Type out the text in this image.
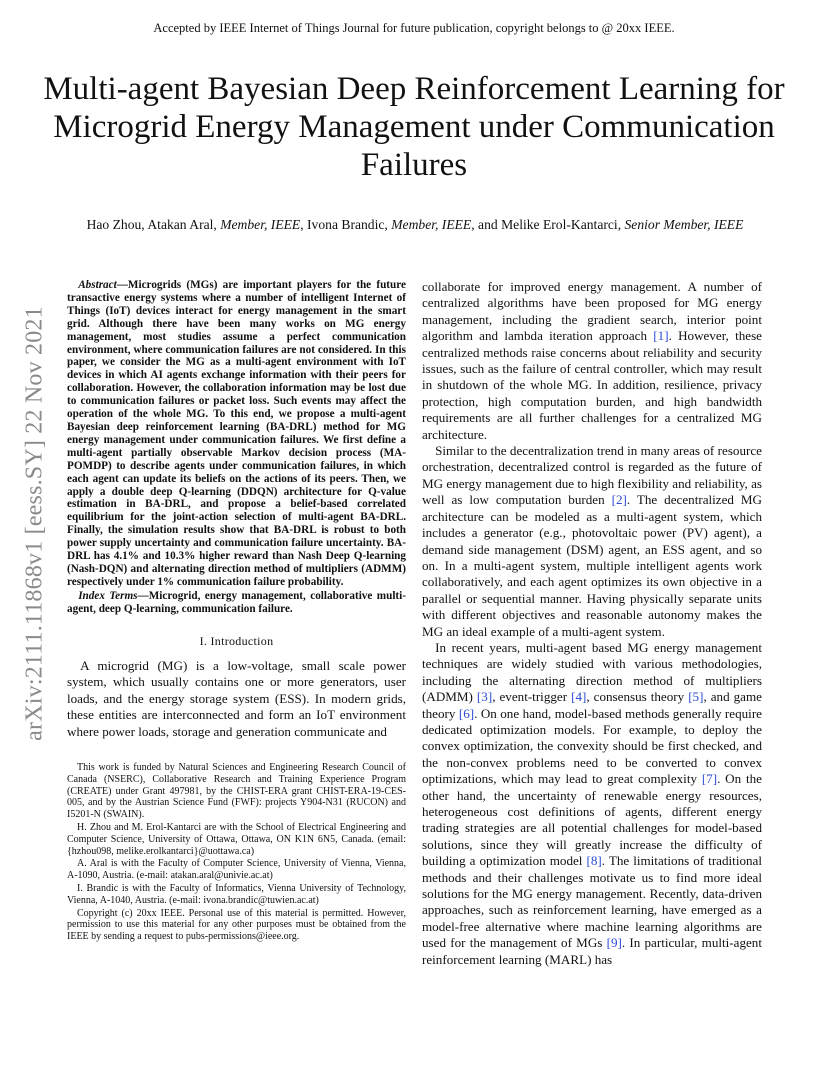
Accepted by IEEE Internet of Things Journal for future publication, copyright belongs to @ 20xx IEEE.
Multi-agent Bayesian Deep Reinforcement Learning for Microgrid Energy Management under Communication Failures
Hao Zhou, Atakan Aral, Member, IEEE, Ivona Brandic, Member, IEEE, and Melike Erol-Kantarci, Senior Member, IEEE
arXiv:2111.11868v1 [eess.SY] 22 Nov 2021

Abstract—Microgrids (MGs) are important players for the future transactive energy systems where a number of intelligent Internet of Things (IoT) devices interact for energy management in the smart grid. Although there have been many works on MG energy management, most studies assume a perfect communication environment, where communication failures are not considered. In this paper, we consider the MG as a multi-agent environment with IoT devices in which AI agents exchange information with their peers for collaboration. However, the collaboration information may be lost due to communication failures or packet loss. Such events may affect the operation of the whole MG. To this end, we propose a multi-agent Bayesian deep reinforcement learning (BA-DRL) method for MG energy management under communication failures. We first define a multi-agent partially observable Markov decision process (MA-POMDP) to describe agents under communication failures, in which each agent can update its beliefs on the actions of its peers. Then, we apply a double deep Q-learning (DDQN) architecture for Q-value estimation in BA-DRL, and propose a belief-based correlated equilibrium for the joint-action selection of multi-agent BA-DRL. Finally, the simulation results show that BA-DRL is robust to both power supply uncertainty and communication failure uncertainty. BA-DRL has 4.1% and 10.3% higher reward than Nash Deep Q-learning (Nash-DQN) and alternating direction method of multipliers (ADMM) respectively under 1% communication failure probability.

Index Terms—Microgrid, energy management, collaborative multi-agent, deep Q-learning, communication failure.

I. Introduction

A microgrid (MG) is a low-voltage, small scale power system, which usually contains one or more generators, user loads, and the energy storage system (ESS). In modern grids, these entities are interconnected and form an IoT environment where power loads, storage and generation communicate and

This work is funded by Natural Sciences and Engineering Research Council of Canada (NSERC), Collaborative Research and Training Experience Program (CREATE) under Grant 497981, by the CHIST-ERA grant CHIST-ERA-19-CES-005, and by the Austrian Science Fund (FWF): projects Y904-N31 (RUCON) and I5201-N (SWAIN).

H. Zhou and M. Erol-Kantarci are with the School of Electrical Engineering and Computer Science, University of Ottawa, Ottawa, ON K1N 6N5, Canada. (email:{hzhou098, melike.erolkantarci}@uottawa.ca)

A. Aral is with the Faculty of Computer Science, University of Vienna, Vienna, A-1090, Austria. (e-mail: atakan.aral@univie.ac.at)

I. Brandic is with the Faculty of Informatics, Vienna University of Technology, Vienna, A-1040, Austria. (e-mail: ivona.brandic@tuwien.ac.at)

Copyright (c) 20xx IEEE. Personal use of this material is permitted. However, permission to use this material for any other purposes must be obtained from the IEEE by sending a request to pubs-permissions@ieee.org.

collaborate for improved energy management. A number of centralized algorithms have been proposed for MG energy management, including the gradient search, interior point algorithm and lambda iteration approach [1]. However, these centralized methods raise concerns about reliability and security issues, such as the failure of central controller, which may result in shutdown of the whole MG. In addition, resilience, privacy protection, high computation burden, and high bandwidth requirements are all further challenges for a centralized MG architecture.

Similar to the decentralization trend in many areas of resource orchestration, decentralized control is regarded as the future of MG energy management due to high flexibility and reliability, as well as low computation burden [2]. The decentralized MG architecture can be modeled as a multi-agent system, which includes a generator (e.g., photovoltaic power (PV) agent), a demand side management (DSM) agent, an ESS agent, and so on. In a multi-agent system, multiple intelligent agents work collaboratively, and each agent optimizes its own objective in a parallel or sequential manner. Having physically separate units with different objectives and reasonable autonomy makes the MG an ideal example of a multi-agent system.

In recent years, multi-agent based MG energy management techniques are widely studied with various methodologies, including the alternating direction method of multipliers (ADMM) [3], event-trigger [4], consensus theory [5], and game theory [6]. On one hand, model-based methods generally require dedicated optimization models. For example, to deploy the convex optimization, the convexity should be first checked, and the non-convex problems need to be converted to convex optimizations, which may lead to great complexity [7]. On the other hand, the uncertainty of renewable energy resources, heterogeneous cost definitions of agents, different energy trading strategies are all potential challenges for model-based solutions, since they will greatly increase the difficulty of building a optimization model [8]. The limitations of traditional methods and their challenges motivate us to find more ideal solutions for the MG energy management. Recently, data-driven approaches, such as reinforcement learning, have emerged as a model-free alternative where machine learning algorithms are used for the management of MGs [9]. In particular, multi-agent reinforcement learning (MARL) has
